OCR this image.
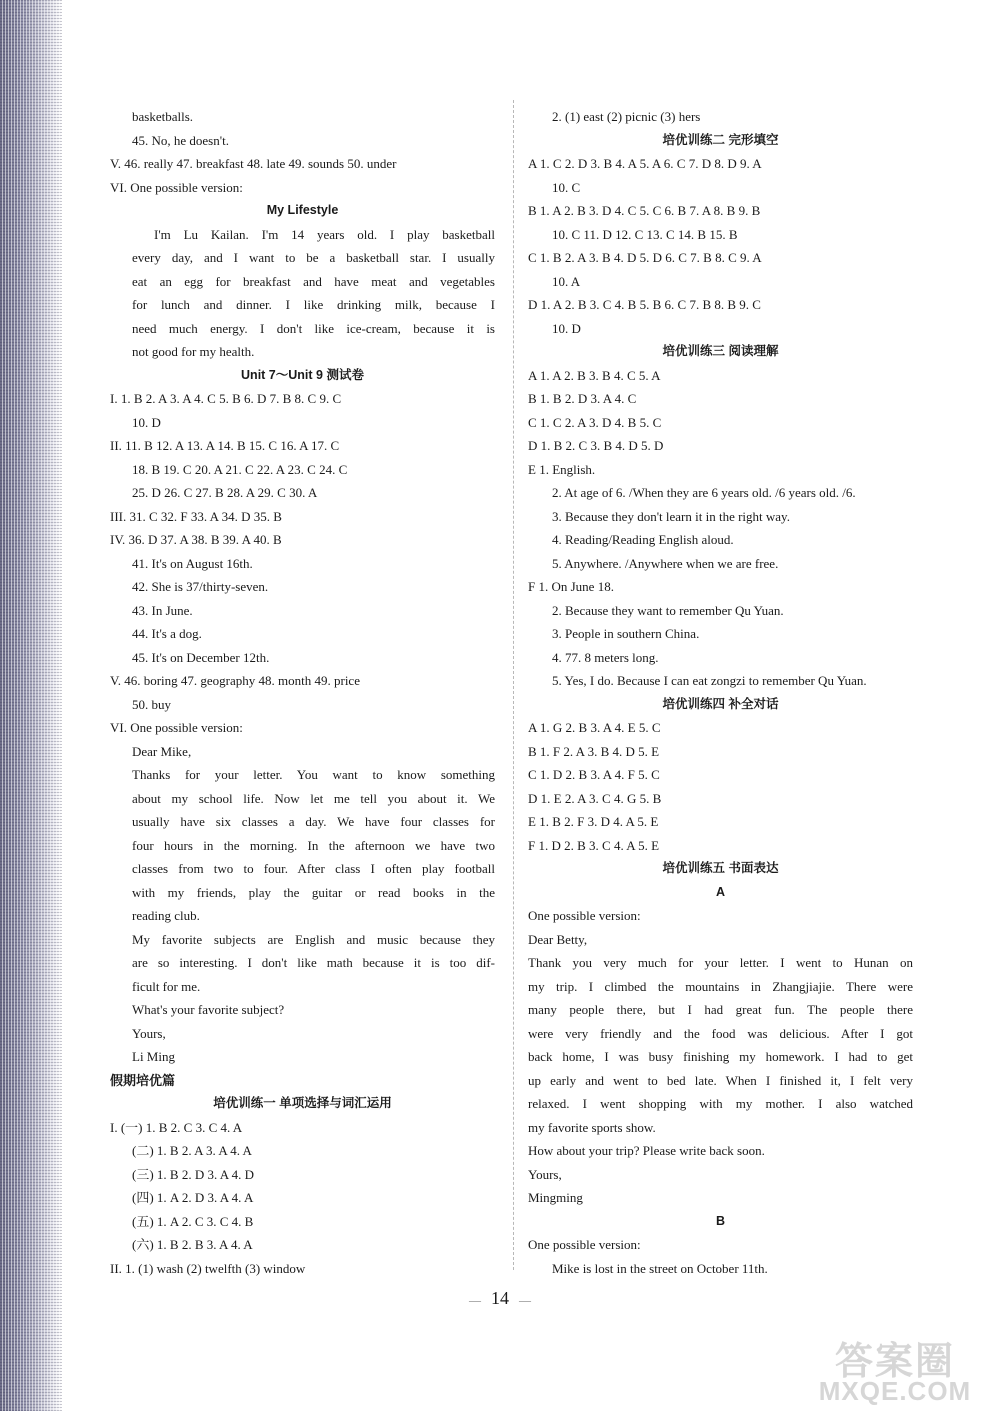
basketballs.
45. No, he doesn't.
V. 46. really 47. breakfast 48. late 49. sounds 50. under
VI. One possible version:
My Lifestyle
I'm Lu Kailan. I'm 14 years old. I play basketball
every day, and I want to be a basketball star. I usually
eat an egg for breakfast and have meat and vegetables
for lunch and dinner. I like drinking milk, because I
need much energy. I don't like ice-cream, because it is
not good for my health.
Unit 7～Unit 9 测试卷
I. 1. B 2. A 3. A 4. C 5. B 6. D 7. B 8. C 9. C
10. D
II. 11. B 12. A 13. A 14. B 15. C 16. A 17. C
18. B 19. C 20. A 21. C 22. A 23. C 24. C
25. D 26. C 27. B 28. A 29. C 30. A
III. 31. C 32. F 33. A 34. D 35. B
IV. 36. D 37. A 38. B 39. A 40. B
41. It's on August 16th.
42. She is 37/thirty-seven.
43. In June.
44. It's a dog.
45. It's on December 12th.
V. 46. boring 47. geography 48. month 49. price
50. buy
VI. One possible version:
Dear Mike,
Thanks for your letter. You want to know something
about my school life. Now let me tell you about it. We
usually have six classes a day. We have four classes for
four hours in the morning. In the afternoon we have two
classes from two to four. After class I often play football
with my friends, play the guitar or read books in the
reading club.
My favorite subjects are English and music because they
are so interesting. I don't like math because it is too dif-
ficult for me.
What's your favorite subject?
Yours,
Li Ming
假期培优篇
培优训练一 单项选择与词汇运用
I. (一) 1. B 2. C 3. C 4. A
(二) 1. B 2. A 3. A 4. A
(三) 1. B 2. D 3. A 4. D
(四) 1. A 2. D 3. A 4. A
(五) 1. A 2. C 3. C 4. B
(六) 1. B 2. B 3. A 4. A
II. 1. (1) wash (2) twelfth (3) window
2. (1) east (2) picnic (3) hers
培优训练二 完形填空
A 1. C 2. D 3. B 4. A 5. A 6. C 7. D 8. D 9. A
10. C
B 1. A 2. B 3. D 4. C 5. C 6. B 7. A 8. B 9. B
10. C 11. D 12. C 13. C 14. B 15. B
C 1. B 2. A 3. B 4. D 5. D 6. C 7. B 8. C 9. A
10. A
D 1. A 2. B 3. C 4. B 5. B 6. C 7. B 8. B 9. C
10. D
培优训练三 阅读理解
A 1. A 2. B 3. B 4. C 5. A
B 1. B 2. D 3. A 4. C
C 1. C 2. A 3. D 4. B 5. C
D 1. B 2. C 3. B 4. D 5. D
E 1. English.
2. At age of 6. /When they are 6 years old. /6 years old. /6.
3. Because they don't learn it in the right way.
4. Reading/Reading English aloud.
5. Anywhere. /Anywhere when we are free.
F 1. On June 18.
2. Because they want to remember Qu Yuan.
3. People in southern China.
4. 77. 8 meters long.
5. Yes, I do. Because I can eat zongzi to remember Qu Yuan.
培优训练四 补全对话
A 1. G 2. B 3. A 4. E 5. C
B 1. F 2. A 3. B 4. D 5. E
C 1. D 2. B 3. A 4. F 5. C
D 1. E 2. A 3. C 4. G 5. B
E 1. B 2. F 3. D 4. A 5. E
F 1. D 2. B 3. C 4. A 5. E
培优训练五 书面表达
A
One possible version:
Dear Betty,
Thank you very much for your letter. I went to Hunan on
my trip. I climbed the mountains in Zhangjiajie. There were
many people there, but I had great fun. The people there
were very friendly and the food was delicious. After I got
back home, I was busy finishing my homework. I had to get
up early and went to bed late. When I finished it, I felt very
relaxed. I went shopping with my mother. I also watched
my favorite sports show.
How about your trip? Please write back soon.
Yours,
Mingming
B
One possible version:
Mike is lost in the street on October 11th.
— 14 —
答案圈
MXQE.COM
